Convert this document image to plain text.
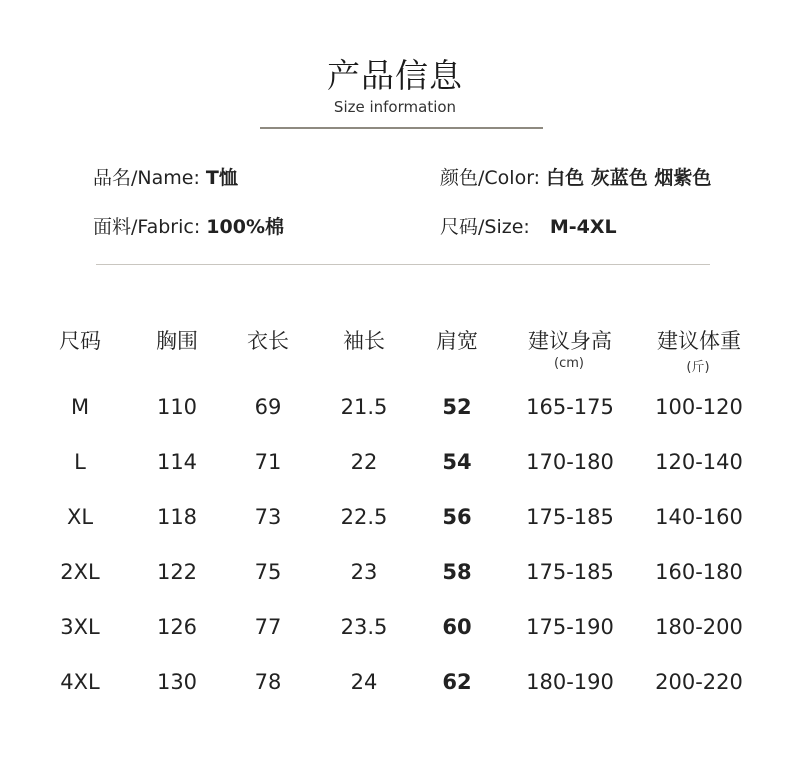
产品信息
Size information
品名/Name: T恤	颜色/Color: 白色 灰蓝色 烟紫色
面料/Fabric: 100%棉	尺码/Size: M-4XL
尺码	胸围	衣长	袖长	肩宽	建议身高	建议体重
(cm)	(斤)
M	110	69	21.5	52	165-175	100-120
L	114	71	22	54	170-180	120-140
XL	118	73	22.5	56	175-185	140-160
2XL	122	75	23	58	175-185	160-180
3XL	126	77	23.5	60	175-190	180-200
4XL	130	78	24	62	180-190	200-220
